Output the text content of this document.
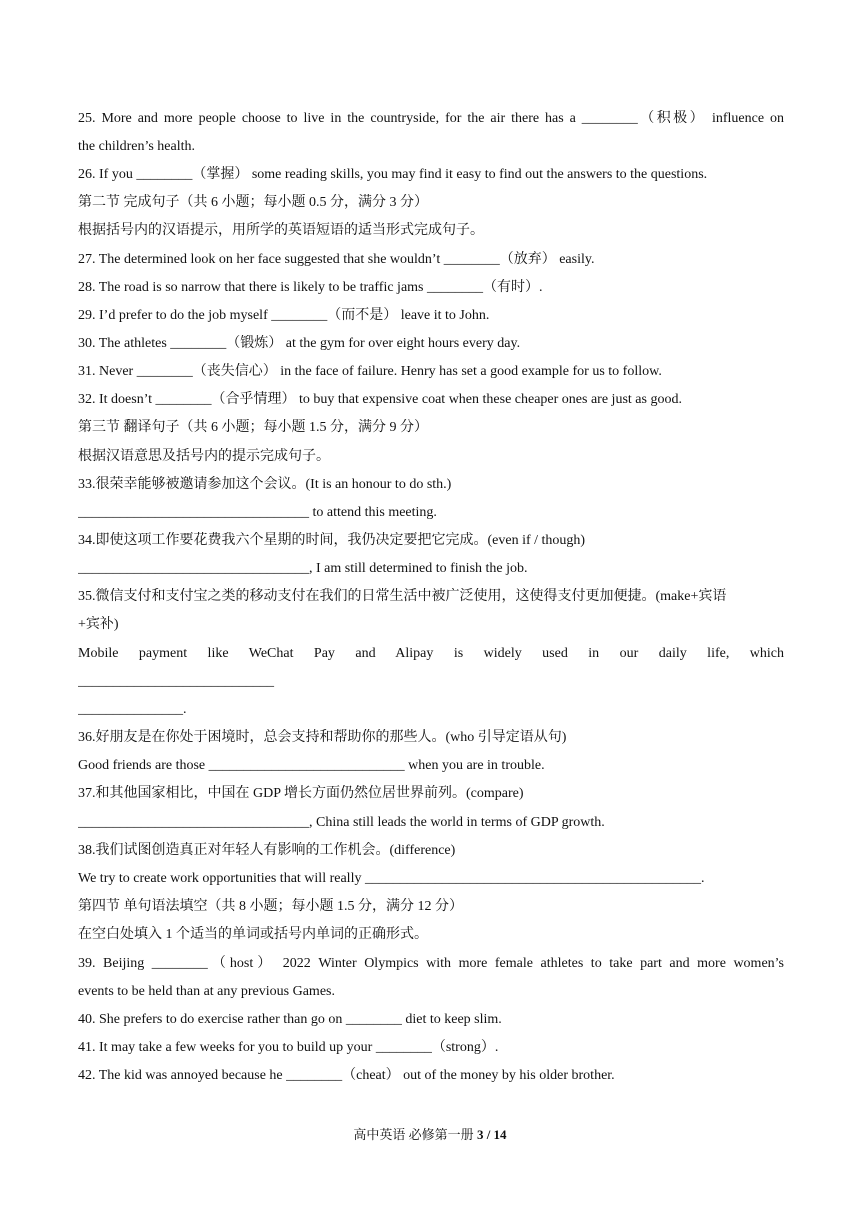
25. More and more people choose to live in the countryside, for the air there has a ________（积极） influence on
the children’s health.
26. If you ________（掌握） some reading skills, you may find it easy to find out the answers to the questions.
第二节 完成句子（共 6 小题；每小题 0.5 分，满分 3 分）
根据括号内的汉语提示，用所学的英语短语的适当形式完成句子。
27. The determined look on her face suggested that she wouldn’t ________（放弃） easily.
28. The road is so narrow that there is likely to be traffic jams ________（有时）.
29. I’d prefer to do the job myself ________（而不是） leave it to John.
30. The athletes ________（锻炼） at the gym for over eight hours every day.
31. Never ________（丧失信心） in the face of failure. Henry has set a good example for us to follow.
32. It doesn’t ________（合乎情理） to buy that expensive coat when these cheaper ones are just as good.
第三节 翻译句子（共 6 小题；每小题 1.5 分，满分 9 分）
根据汉语意思及括号内的提示完成句子。
33.很荣幸能够被邀请参加这个会议。(It is an honour to do sth.)
_________________________________ to attend this meeting.
34.即使这项工作要花费我六个星期的时间，我仍决定要把它完成。(even if / though)
_________________________________, I am still determined to finish the job.
35.微信支付和支付宝之类的移动支付在我们的日常生活中被广泛使用，这使得支付更加便捷。(make+宾语
+宾补)
Mobile payment like WeChat Pay and Alipay is widely used in our daily life, which
____________________________
_______________.
36.好朋友是在你处于困境时，总会支持和帮助你的那些人。(who 引导定语从句)
Good friends are those ____________________________ when you are in trouble.
37.和其他国家相比，中国在 GDP 增长方面仍然位居世界前列。(compare)
_________________________________, China still leads the world in terms of GDP growth.
38.我们试图创造真正对年轻人有影响的工作机会。(difference)
We try to create work opportunities that will really ________________________________________________.
第四节 单句语法填空（共 8 小题；每小题 1.5 分，满分 12 分）
在空白处填入 1 个适当的单词或括号内单词的正确形式。
39. Beijing ________（host） 2022 Winter Olympics with more female athletes to take part and more women’s
events to be held than at any previous Games.
40. She prefers to do exercise rather than go on ________ diet to keep slim.
41. It may take a few weeks for you to build up your ________（strong）.
42. The kid was annoyed because he ________（cheat） out of the money by his older brother.
高中英语 必修第一册 3 / 14
